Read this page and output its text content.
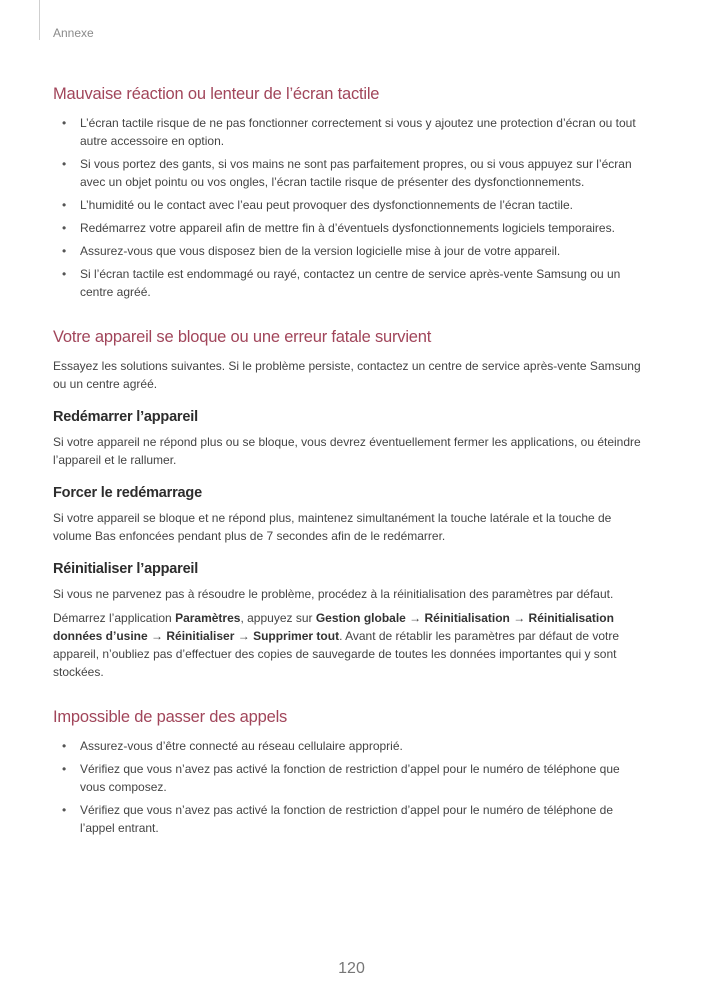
Annexe
Mauvaise réaction ou lenteur de l’écran tactile
• L’écran tactile risque de ne pas fonctionner correctement si vous y ajoutez une protection d’écran ou tout autre accessoire en option.
• Si vous portez des gants, si vos mains ne sont pas parfaitement propres, ou si vous appuyez sur l’écran avec un objet pointu ou vos ongles, l’écran tactile risque de présenter des dysfonctionnements.
• L’humidité ou le contact avec l’eau peut provoquer des dysfonctionnements de l’écran tactile.
• Redémarrez votre appareil afin de mettre fin à d’éventuels dysfonctionnements logiciels temporaires.
• Assurez-vous que vous disposez bien de la version logicielle mise à jour de votre appareil.
• Si l’écran tactile est endommagé ou rayé, contactez un centre de service après-vente Samsung ou un centre agréé.
Votre appareil se bloque ou une erreur fatale survient

Essayez les solutions suivantes. Si le problème persiste, contactez un centre de service après-vente Samsung ou un centre agréé.

Redémarrer l’appareil

Si votre appareil ne répond plus ou se bloque, vous devrez éventuellement fermer les applications, ou éteindre l’appareil et le rallumer.

Forcer le redémarrage

Si votre appareil se bloque et ne répond plus, maintenez simultanément la touche latérale et la touche de volume Bas enfoncées pendant plus de 7 secondes afin de le redémarrer.

Réinitialiser l’appareil

Si vous ne parvenez pas à résoudre le problème, procédez à la réinitialisation des paramètres par défaut.

Démarrez l’application Paramètres, appuyez sur Gestion globale → Réinitialisation → Réinitialisation données d’usine → Réinitialiser → Supprimer tout. Avant de rétablir les paramètres par défaut de votre appareil, n’oubliez pas d’effectuer des copies de sauvegarde de toutes les données importantes qui y sont stockées.

Impossible de passer des appels
• Assurez-vous d’être connecté au réseau cellulaire approprié.
• Vérifiez que vous n’avez pas activé la fonction de restriction d’appel pour le numéro de téléphone que vous composez.
• Vérifiez que vous n’avez pas activé la fonction de restriction d’appel pour le numéro de téléphone de l’appel entrant.
120
